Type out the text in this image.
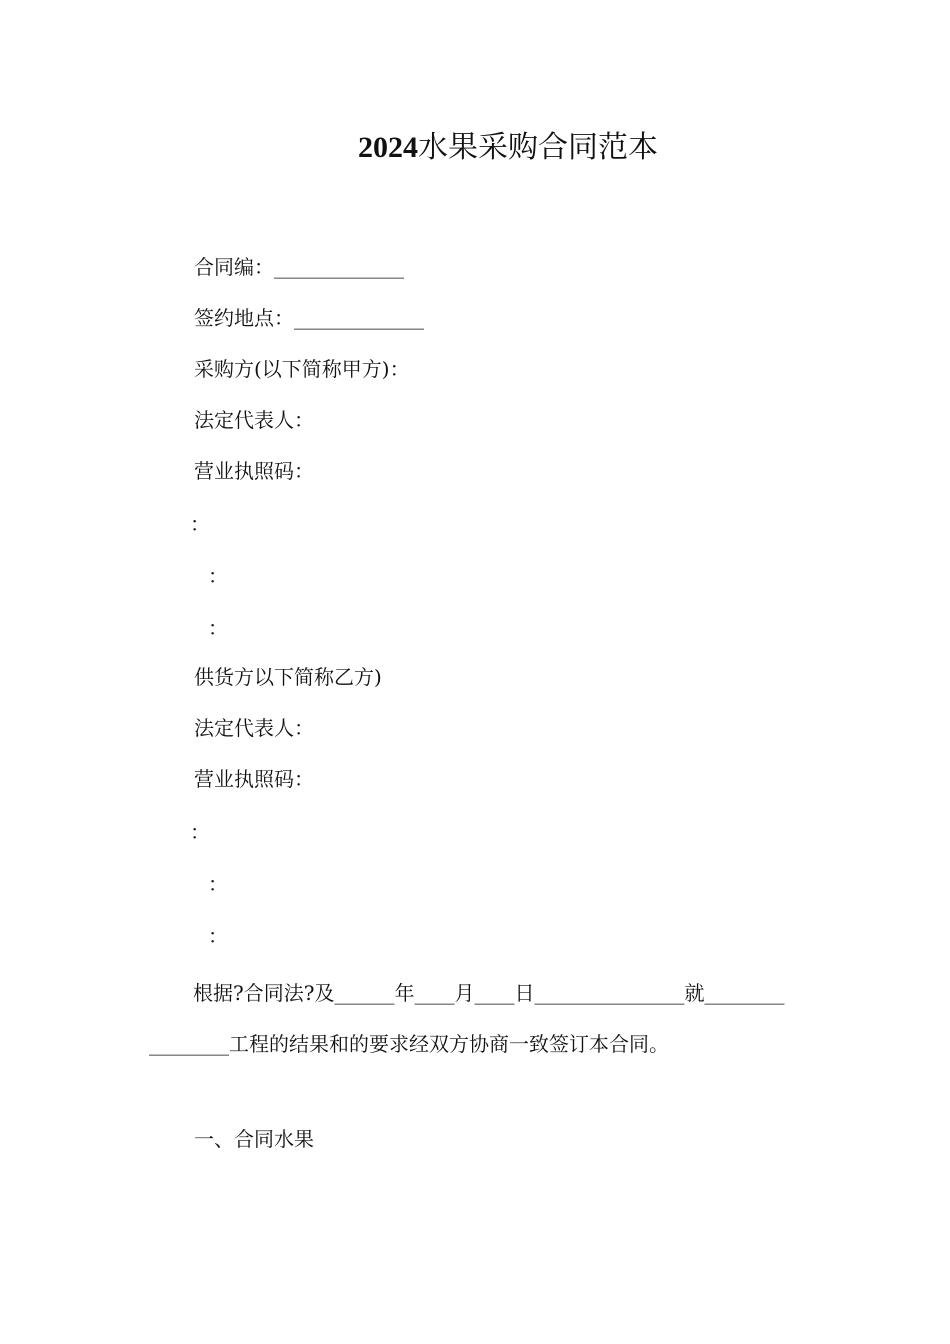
2024水果采购合同范本
合同编：_____________
签约地点：_____________
采购方(以下简称甲方)：
法定代表人：
营业执照码：
：
：
：
供货方以下简称乙方)
法定代表人：
营业执照码：
：
：
：

根据?合同法?及______年____月____日_______________就________________工程的结果和的要求经双方协商一致签订本合同。

一、合同水果
